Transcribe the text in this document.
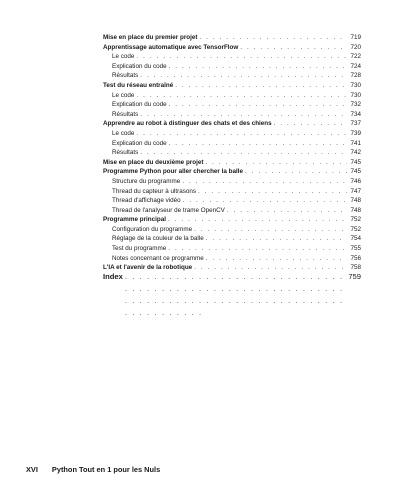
Mise en place du premier projet . . .	719
Apprentissage automatique avec TensorFlow . . .	720
Le code . . .	722
Explication du code . . .	724
Résultats . . .	728
Test du réseau entraîné . . .	730
Le code . . .	730
Explication du code . . .	732
Résultats . . .	734
Apprendre au robot à distinguer des chats et des chiens . . .	737
Le code . . .	739
Explication du code . . .	741
Résultats . . .	742
Mise en place du deuxième projet . . .	745
Programme Python pour aller chercher la balle . . .	745
Structure du programme . . .	746
Thread du capteur à ultrasons . . .	747
Thread d'affichage vidéo . . .	748
Thread de l'analyseur de trame OpenCV . . .	748
Programme principal . . .	752
Configuration du programme . . .	752
Réglage de la couleur de la balle . . .	754
Test du programme . . .	755
Notes concernant ce programme . . .	756
L'IA et l'avenir de la robotique . . .	758
Index . . .	759
XVI Python Tout en 1 pour les Nuls
